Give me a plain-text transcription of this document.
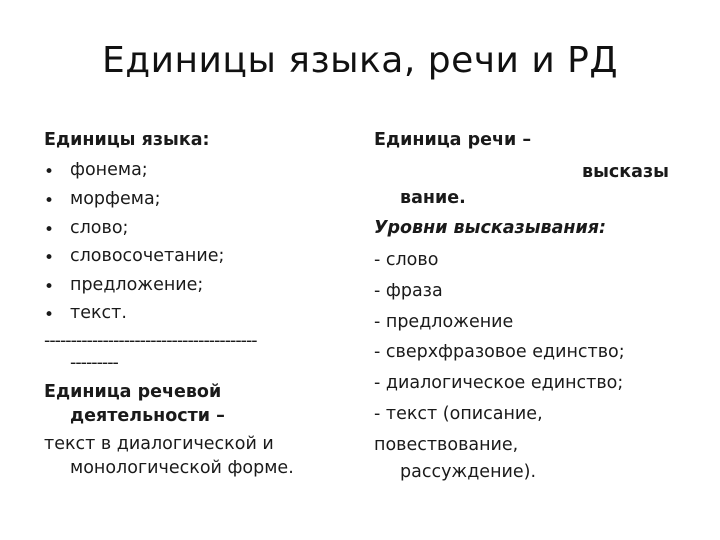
Единицы языка, речи и РД
Единицы языка:
• фонема;
• морфема;
• слово;
• словосочетание;
• предложение;
• текст.
----------------------------------------
---------
Единица речевой
деятельности –
текст в диалогической и
монологической форме.
Единица речи –
высказы
вание.
Уровни высказывания:
- слово
- фраза
- предложение
- сверхфразовое единство;
- диалогическое единство;
- текст (описание,
повествование,
рассуждение).
